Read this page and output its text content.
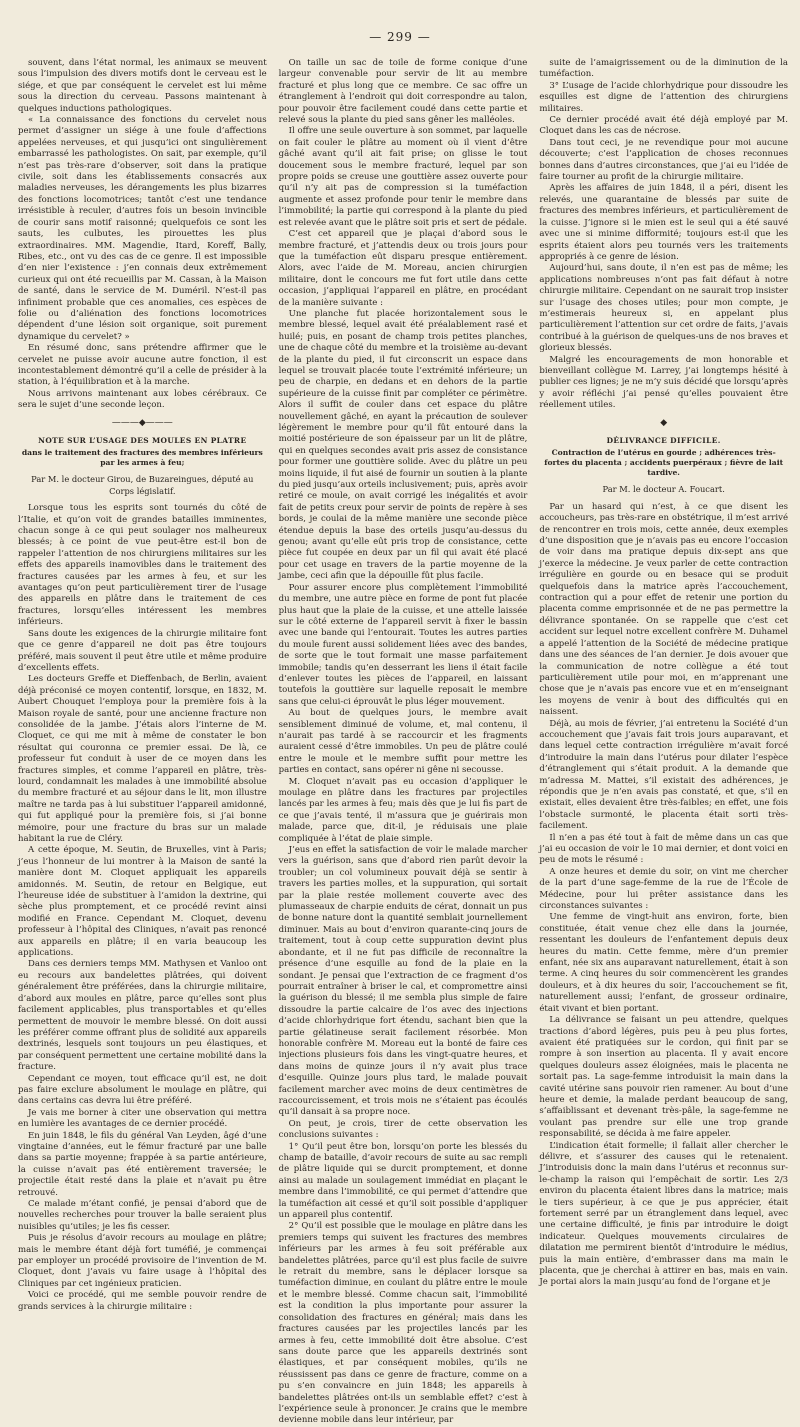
— 299 —

souvent, dans l’état normal, les animaux se meuvent sous l’impulsion des divers motifs dont le cerveau est le siége, et que par conséquent le cervelet est lui même sous la direction du cerveau. Passons maintenant à quelques inductions pathologiques.

« La connaissance des fonctions du cervelet nous permet d’assigner un siége à une foule d’affections appelées nerveuses, et qui jusqu’ici ont singulièrement embarrassé les pathologistes. On sait, par exemple, qu’il n’est pas très-rare d’observer, soit dans la pratique civile, soit dans les établissements consacrés aux maladies nerveuses, les dérangements les plus bizarres des fonctions locomotrices; tantôt c’est une tendance irrésistible à reculer, d’autres fois un besoin invincible de courir sans motif raisonné; quelquefois ce sont les sauts, les culbutes, les pirouettes les plus extraordinaires. MM. Magendie, Itard, Koreff, Bally, Ribes, etc., ont vu des cas de ce genre. Il est impossible d’en nier l’existence : j’en connais deux extrêmement curieux qui ont été recueillis par M. Cassan, à la Maison de santé, dans le service de M. Duméril. N’est-il pas infiniment probable que ces anomalies, ces espèces de folie ou d’aliénation des fonctions locomotrices dépendent d’une lésion soit organique, soit purement dynamique du cervelet? »

En résumé donc, sans prétendre affirmer que le cervelet ne puisse avoir aucune autre fonction, il est incontestablement démontré qu’il a celle de présider à la station, à l’équilibration et à la marche.

Nous arrivons maintenant aux lobes cérébraux. Ce sera le sujet d’une seconde leçon.

———◆———
NOTE SUR L’USAGE DES MOULES EN PLATRE
dans le traitement des fractures des membres inférieurs par les armes à feu;
Par M. le docteur Girou, de Buzareingues, député au Corps législatif.

Lorsque tous les esprits sont tournés du côté de l’Italie, et qu’on voit de grandes batailles imminentes, chacun songe à ce qui peut soulager nos malheureux blessés; à ce point de vue peut-être est-il bon de rappeler l’attention de nos chirurgiens militaires sur les effets des appareils inamovibles dans le traitement des fractures causées par les armes à feu, et sur les avantages qu’on peut particulièrement tirer de l’usage des appareils en plâtre dans le traitement de ces fractures, lorsqu’elles intéressent les membres inférieurs.

Sans doute les exigences de la chirurgie militaire font que ce genre d’appareil ne doit pas être toujours préféré, mais souvent il peut être utile et même produire d’excellents effets.

Les docteurs Greffe et Dieffenbach, de Berlin, avaient déjà préconisé ce moyen contentif, lorsque, en 1832, M. Aubert Chouquet l’employa pour la première fois à la Maison royale de santé, pour une ancienne fracture non consolidée de la jambe. J’étais alors l’interne de M. Cloquet, ce qui me mit à même de constater le bon résultat qui couronna ce premier essai. De là, ce professeur fut conduit à user de ce moyen dans les fractures simples, et comme l’appareil en plâtre, très-lourd, condamnait les malades à une immobilité absolue du membre fracturé et au séjour dans le lit, mon illustre maître ne tarda pas à lui substituer l’appareil amidonné, qui fut appliqué pour la première fois, si j’ai bonne mémoire, pour une fracture du bras sur un malade habitant la rue de Cléry.

A cette époque, M. Seutin, de Bruxelles, vint à Paris; j’eus l’honneur de lui montrer à la Maison de santé la manière dont M. Cloquet appliquait les appareils amidonnés. M. Seutin, de retour en Belgique, eut l’heureuse idée de substituer à l’amidon la dextrine, qui sèche plus promptement, et ce procédé revint ainsi modifié en France. Cependant M. Cloquet, devenu professeur à l’hôpital des Cliniques, n’avait pas renoncé aux appareils en plâtre; il en varia beaucoup les applications.

Dans ces derniers temps MM. Mathysen et Vanloo ont eu recours aux bandelettes plâtrées, qui doivent généralement être préférées, dans la chirurgie militaire, d’abord aux moules en plâtre, parce qu’elles sont plus facilement applicables, plus transportables et qu’elles permettent de mouvoir le membre blessé. On doit aussi les préférer comme offrant plus de solidité aux appareils dextrinés, lesquels sont toujours un peu élastiques, et par conséquent permettent une certaine mobilité dans la fracture.

Cependant ce moyen, tout efficace qu’il est, ne doit pas faire exclure absolument le moulage en plâtre, qui dans certains cas devra lui être préféré.

Je vais me borner à citer une observation qui mettra en lumière les avantages de ce dernier procédé.

En juin 1848, le fils du général Van Leyden, âgé d’une vingtaine d’années, eut le fémur fracturé par une balle dans sa partie moyenne; frappée à sa partie antérieure, la cuisse n’avait pas été entièrement traversée; le projectile était resté dans la plaie et n’avait pu être retrouvé.

Ce malade m’étant confié, je pensai d’abord que de nouvelles recherches pour trouver la balle seraient plus nuisibles qu’utiles; je les fis cesser.

Puis je résolus d’avoir recours au moulage en plâtre; mais le membre étant déjà fort tuméfié, je commençai par employer un procédé provisoire de l’invention de M. Cloquet, dont j’avais vu faire usage à l’hôpital des Cliniques par cet ingénieux praticien.

Voici ce procédé, qui me semble pouvoir rendre de grands services à la chirurgie militaire :

On taille un sac de toile de forme conique d’une largeur convenable pour servir de lit au membre fracturé et plus long que ce membre. Ce sac offre un étranglement à l’endroit qui doit correspondre au talon, pour pouvoir être facilement coudé dans cette partie et relevé sous la plante du pied sans gêner les malléoles.

Il offre une seule ouverture à son sommet, par laquelle on fait couler le plâtre au moment où il vient d’être gâché avant qu’il ait fait prise; on glisse le tout doucement sous le membre fracturé, lequel par son propre poids se creuse une gouttière assez ouverte pour qu’il n’y ait pas de compression si la tuméfaction augmente et assez profonde pour tenir le membre dans l’immobilité; la partie qui correspond à la plante du pied est relevée avant que le plâtre soit pris et sert de pédale.

C’est cet appareil que je plaçai d’abord sous le membre fracturé, et j’attendis deux ou trois jours pour que la tuméfaction eût disparu presque entièrement. Alors, avec l’aide de M. Moreau, ancien chirurgien militaire, dont le concours me fut fort utile dans cette occasion, j’appliquai l’appareil en plâtre, en procédant de la manière suivante :

Une planche fut placée horizontalement sous le membre blessé, lequel avait été préalablement rasé et huilé; puis, en posant de champ trois petites planches, une de chaque côté du membre et la troisième au-devant de la plante du pied, il fut circonscrit un espace dans lequel se trouvait placée toute l’extrémité inférieure; un peu de charpie, en dedans et en dehors de la partie supérieure de la cuisse finit par compléter ce périmètre. Alors il suffit de couler dans cet espace du plâtre nouvellement gâché, en ayant la précaution de soulever légèrement le membre pour qu’il fût entouré dans la moitié postérieure de son épaisseur par un lit de plâtre, qui en quelques secondes avait pris assez de consistance pour former une gouttière solide. Avec du plâtre un peu moins liquide, il fut aisé de fournir un soutien à la plante du pied jusqu’aux orteils inclusivement; puis, après avoir retiré ce moule, on avait corrigé les inégalités et avoir fait de petits creux pour servir de points de repère à ses bords, je coulai de la même manière une seconde pièce étendue depuis la base des orteils jusqu’au-dessus du genou; avant qu’elle eût pris trop de consistance, cette pièce fut coupée en deux par un fil qui avait été placé pour cet usage en travers de la partie moyenne de la jambe, ceci afin que la dépouille fût plus facile.

Pour assurer encore plus complètement l’immobilité du membre, une autre pièce en forme de pont fut placée plus haut que la plaie de la cuisse, et une attelle laissée sur le côté externe de l’appareil servit à fixer le bassin avec une bande qui l’entourait. Toutes les autres parties du moule furent aussi solidement liées avec des bandes, de sorte que le tout formait une masse parfaitement immobile; tandis qu’en desserrant les liens il était facile d’enlever toutes les pièces de l’appareil, en laissant toutefois la gouttière sur laquelle reposait le membre sans que celui-ci éprouvât le plus léger mouvement.

Au bout de quelques jours, le membre avait sensiblement diminué de volume, et, mal contenu, il n’aurait pas tardé à se raccourcir et les fragments auraient cessé d’être immobiles. Un peu de plâtre coulé entre le moule et le membre suffit pour mettre les parties en contact, sans opérer ni gêne ni secousse.

M. Cloquet n’avait pas eu occasion d’appliquer le moulage en plâtre dans les fractures par projectiles lancés par les armes à feu; mais dès que je lui fis part de ce que j’avais tenté, il m’assura que je guérirais mon malade, parce que, dit-il, je réduisais une plaie compliquée à l’état de plaie simple.

J’eus en effet la satisfaction de voir le malade marcher vers la guérison, sans que d’abord rien parût devoir la troubler; un col volumineux pouvait déjà se sentir à travers les parties molles, et la suppuration, qui sortait par la plaie restée mollement couverte avec des plumasseaux de charpie enduits de cérat, donnait un pus de bonne nature dont la quantité semblait journellement diminuer. Mais au bout d’environ quarante-cinq jours de traitement, tout à coup cette suppuration devint plus abondante, et il ne fut pas difficile de reconnaître la présence d’une esquille au fond de la plaie en la sondant. Je pensai que l’extraction de ce fragment d’os pourrait entraîner à briser le cal, et compromettre ainsi la guérison du blessé; il me sembla plus simple de faire dissoudre la partie calcaire de l’os avec des injections d’acide chlorhydrique fort étendu, sachant bien que la partie gélatineuse serait facilement résorbée. Mon honorable confrère M. Moreau eut la bonté de faire ces injections plusieurs fois dans les vingt-quatre heures, et dans moins de quinze jours il n’y avait plus trace d’esquille. Quinze jours plus tard, le malade pouvait facilement marcher avec moins de deux centimètres de raccourcissement, et trois mois ne s’étaient pas écoulés qu’il dansait à sa propre noce.

On peut, je crois, tirer de cette observation les conclusions suivantes :

1° Qu’il peut être bon, lorsqu’on porte les blessés du champ de bataille, d’avoir recours de suite au sac rempli de plâtre liquide qui se durcit promptement, et donne ainsi au malade un soulagement immédiat en plaçant le membre dans l’immobilité, ce qui permet d’attendre que la tuméfaction ait cessé et qu’il soit possible d’appliquer un appareil plus contentif.

2° Qu’il est possible que le moulage en plâtre dans les premiers temps qui suivent les fractures des membres inférieurs par les armes à feu soit préférable aux bandelettes plâtrées, parce qu’il est plus facile de suivre le retrait du membre, sans le déplacer lorsque sa tuméfaction diminue, en coulant du plâtre entre le moule et le membre blessé. Comme chacun sait, l’immobilité est la condition la plus importante pour assurer la consolidation des fractures en général; mais dans les fractures causées par les projectiles lancés par les armes à feu, cette immobilité doit être absolue. C’est sans doute parce que les appareils dextrinés sont élastiques, et par conséquent mobiles, qu’ils ne réussissent pas dans ce genre de fracture, comme on a pu s’en convaincre en juin 1848; les appareils à bandelettes plâtrées ont-ils un semblable effet? c’est à l’expérience seule à prononcer. Je crains que le membre devienne mobile dans leur intérieur, par

suite de l’amaigrissement ou de la diminution de la tuméfaction.

3° L’usage de l’acide chlorhydrique pour dissoudre les esquilles est digne de l’attention des chirurgiens militaires.

Ce dernier procédé avait été déjà employé par M. Cloquet dans les cas de nécrose.

Dans tout ceci, je ne revendique pour moi aucune découverte; c’est l’application de choses reconnues bonnes dans d’autres circonstances, que j’ai eu l’idée de faire tourner au profit de la chirurgie militaire.

Après les affaires de juin 1848, il a péri, disent les relevés, une quarantaine de blessés par suite de fractures des membres inférieurs, et particulièrement de la cuisse. J’ignore si le mien est le seul qui a été sauvé avec une si minime difformité; toujours est-il que les esprits étaient alors peu tournés vers les traitements appropriés à ce genre de lésion.

Aujourd’hui, sans doute, il n’en est pas de même; les applications nombreuses n’ont pas fait défaut à notre chirurgie militaire. Cependant on ne saurait trop insister sur l’usage des choses utiles; pour mon compte, je m’estimerais heureux si, en appelant plus particulièrement l’attention sur cet ordre de faits, j’avais contribué à la guérison de quelques-uns de nos braves et glorieux blessés.

Malgré les encouragements de mon honorable et bienveillant collègue M. Larrey, j’ai longtemps hésité à publier ces lignes; je ne m’y suis décidé que lorsqu’après y avoir réfléchi j’ai pensé qu’elles pouvaient être réellement utiles.

◆
DÉLIVRANCE DIFFICILE.
Contraction de l’utérus en gourde ; adhérences très-fortes du placenta ; accidents puerpéraux ; fièvre de lait tardive.
Par M. le docteur A. Foucart.

Par un hasard qui n’est, à ce que disent les accoucheurs, pas très-rare en obstétrique, il m’est arrivé de rencontrer en trois mois, cette année, deux exemples d’une disposition que je n’avais pas eu encore l’occasion de voir dans ma pratique depuis dix-sept ans que j’exerce la médecine. Je veux parler de cette contraction irrégulière en gourde ou en besace qui se produit quelquefois dans la matrice après l’accouchement, contraction qui a pour effet de retenir une portion du placenta comme emprisonnée et de ne pas permettre la délivrance spontanée. On se rappelle que c’est cet accident sur lequel notre excellent confrère M. Duhamel a appelé l’attention de la Société de médecine pratique dans une des séances de l’an dernier. Je dois avouer que la communication de notre collègue a été tout particulièrement utile pour moi, en m’apprenant une chose que je n’avais pas encore vue et en m’enseignant les moyens de venir à bout des difficultés qui en naissent.

Déjà, au mois de février, j’ai entretenu la Société d’un accouchement que j’avais fait trois jours auparavant, et dans lequel cette contraction irrégulière m’avait forcé d’introduire la main dans l’utérus pour dilater l’espèce d’étranglement qui s’était produit. A la demande que m’adressa M. Mattei, s’il existait des adhérences, je répondis que je n’en avais pas constaté, et que, s’il en existait, elles devaient être très-faibles; en effet, une fois l’obstacle surmonté, le placenta était sorti très-facilement.

Il n’en a pas été tout à fait de même dans un cas que j’ai eu occasion de voir le 10 mai dernier, et dont voici en peu de mots le résumé :

A onze heures et demie du soir, on vint me chercher de la part d’une sage-femme de la rue de l’École de Médecine, pour lui prêter assistance dans les circonstances suivantes :

Une femme de vingt-huit ans environ, forte, bien constituée, était venue chez elle dans la journée, ressentant les douleurs de l’enfantement depuis deux heures du matin. Cette femme, mère d’un premier enfant, née six ans auparavant naturellement, était à son terme. A cinq heures du soir commencèrent les grandes douleurs, et à dix heures du soir, l’accouchement se fit, naturellement aussi; l’enfant, de grosseur ordinaire, était vivant et bien portant.

La délivrance se faisant un peu attendre, quelques tractions d’abord légères, puis peu à peu plus fortes, avaient été pratiquées sur le cordon, qui finit par se rompre à son insertion au placenta. Il y avait encore quelques douleurs assez éloignées, mais le placenta ne sortait pas. La sage-femme introduisit la main dans la cavité utérine sans pouvoir rien ramener. Au bout d’une heure et demie, la malade perdant beaucoup de sang, s’affaiblissant et devenant très-pâle, la sage-femme ne voulant pas prendre sur elle une trop grande responsabilité, se décida à me faire appeler.

L’indication était formelle; il fallait aller chercher le délivre, et s’assurer des causes qui le retenaient. J’introduisis donc la main dans l’utérus et reconnus sur-le-champ la raison qui l’empêchait de sortir. Les 2/3 environ du placenta étaient libres dans la matrice; mais le tiers supérieur, à ce que je pus apprécier, était fortement serré par un étranglement dans lequel, avec une certaine difficulté, je finis par introduire le doigt indicateur. Quelques mouvements circulaires de dilatation me permirent bientôt d’introduire le médius, puis la main entière, d’embrasser dans ma main le placenta, que je cherchai à attirer en bas, mais en vain. Je portai alors la main jusqu’au fond de l’organe et je
